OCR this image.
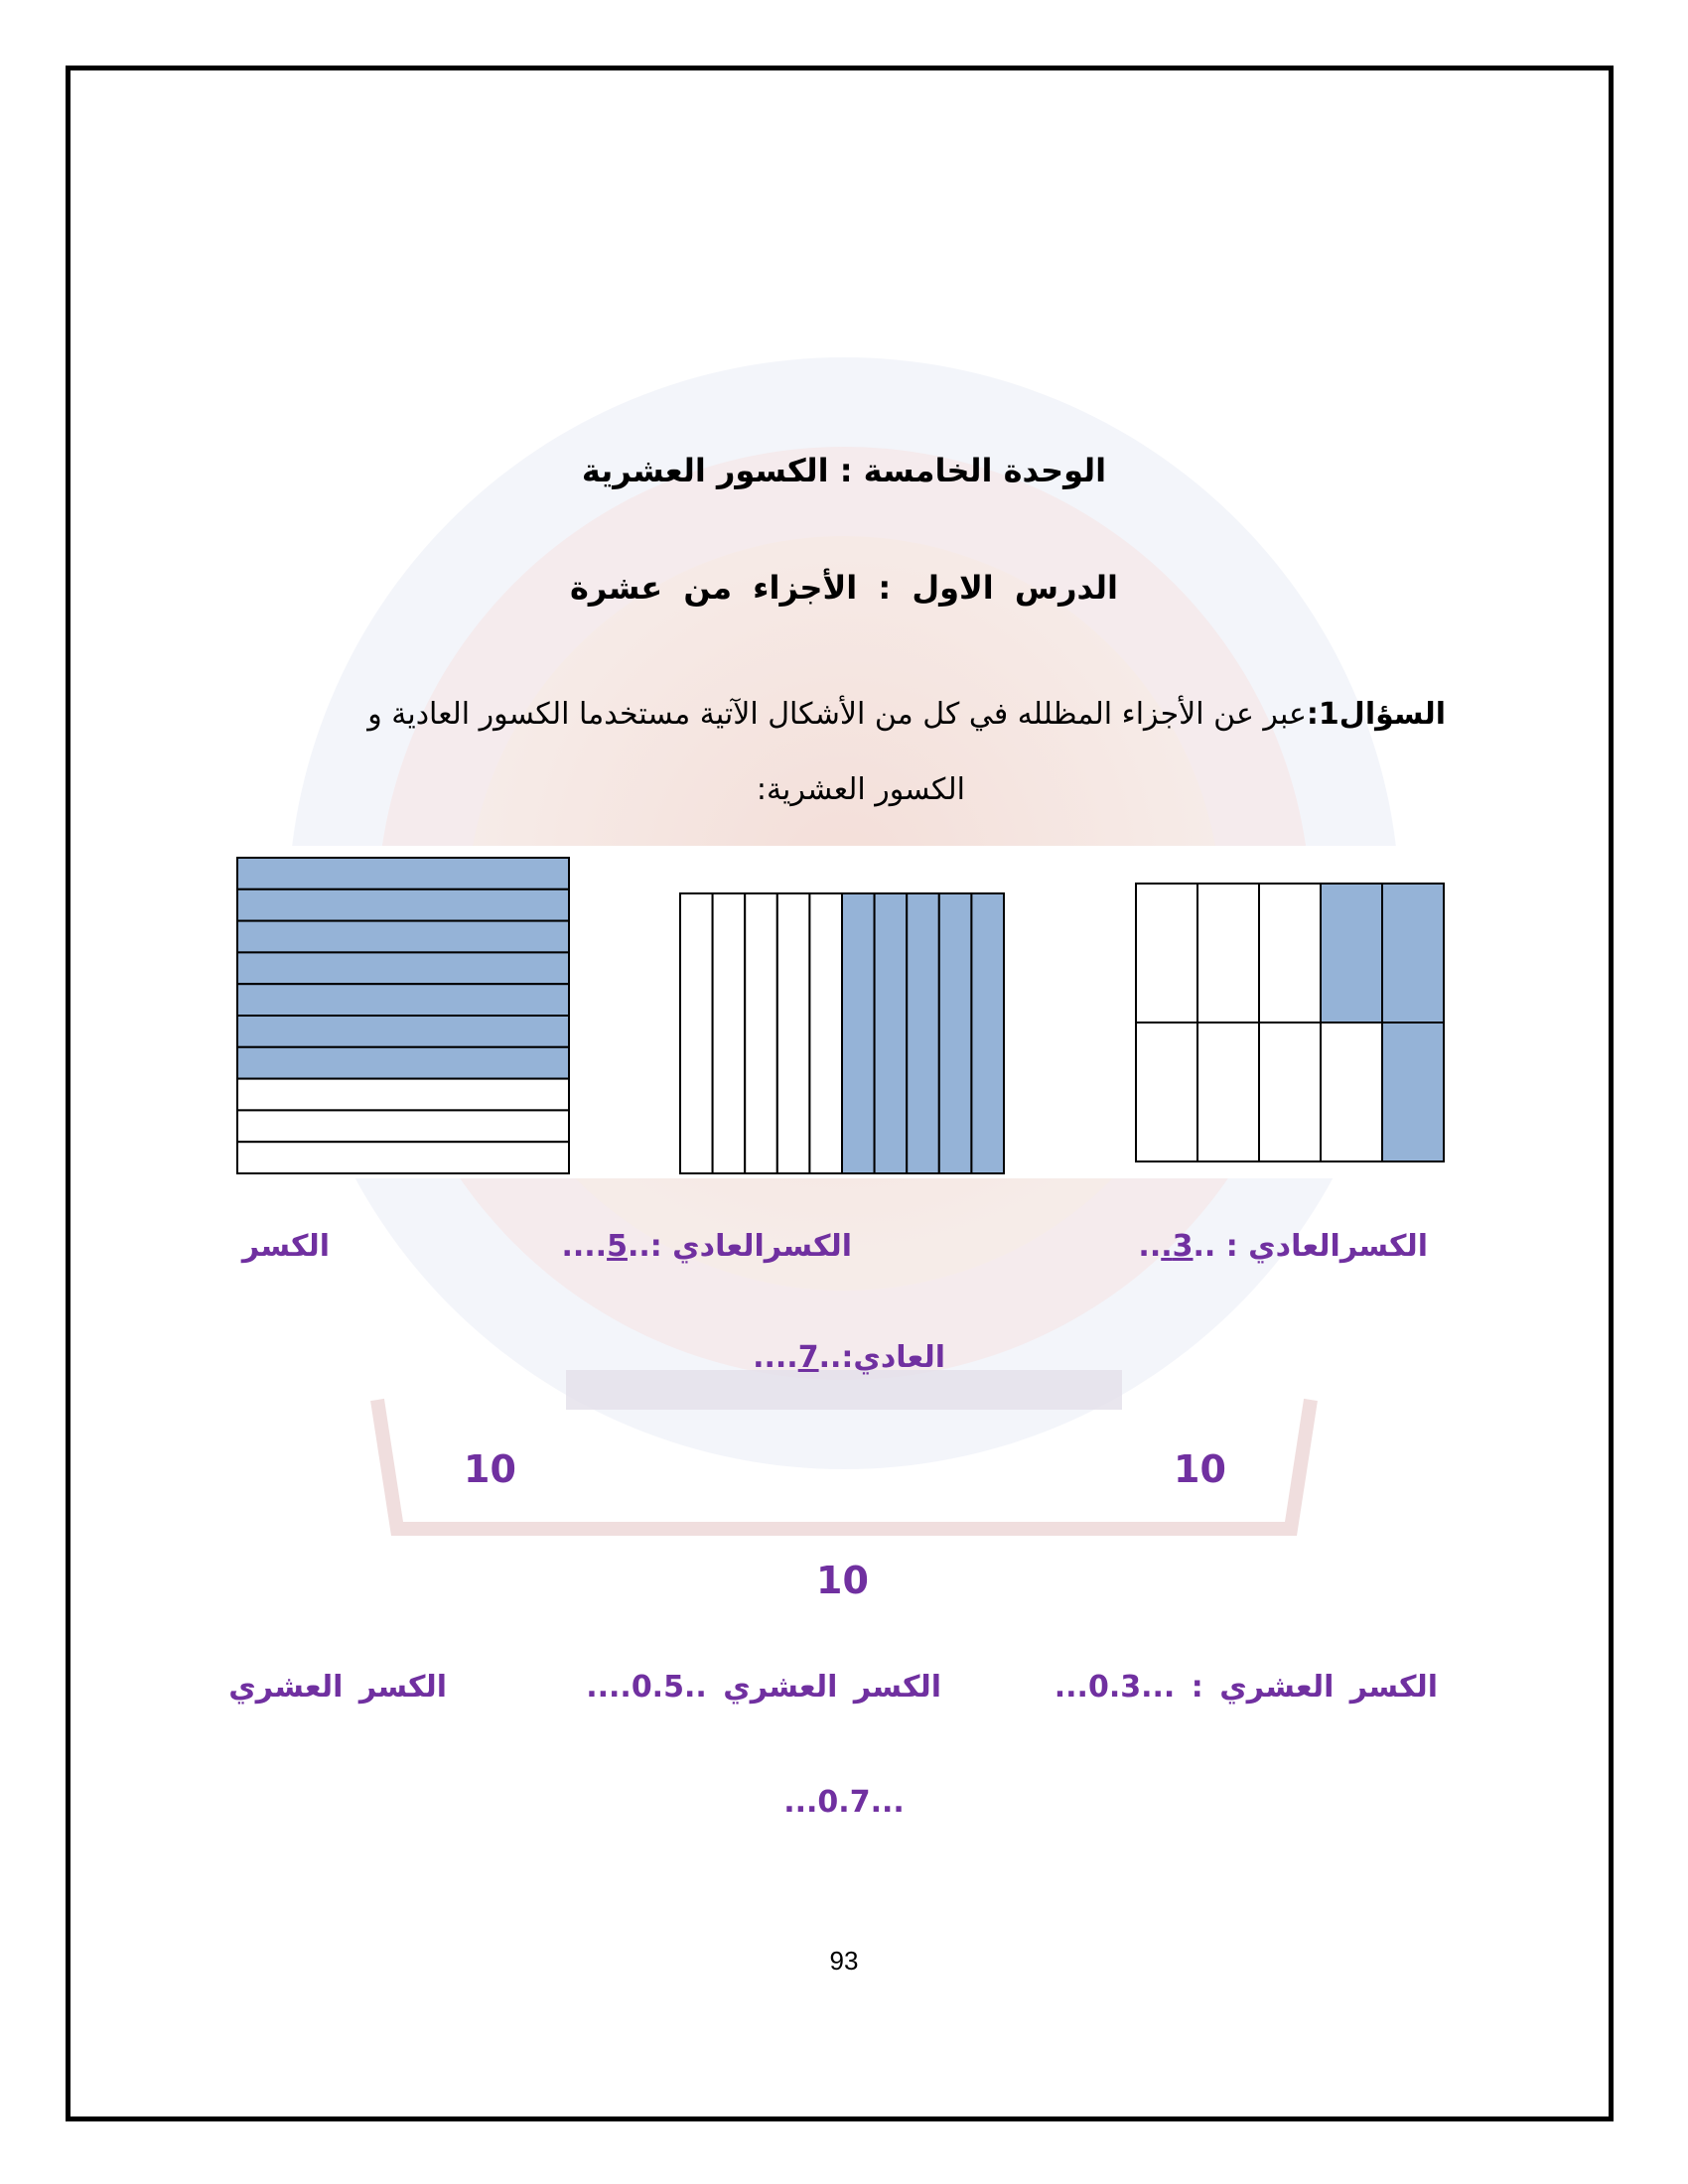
الوحدة الخامسة : الكسور العشرية
الدرس الاول : الأجزاء من عشرة
السؤال1:عبر عن الأجزاء المظلله في كل من الأشكال الآتية مستخدما الكسور العادية و
الكسور العشرية:
الكسرالعادي : ..3...
الكسرالعادي :..5....
الكسر
العادي:..7....
10
10
10
الكسر العشري : ...0.3...
الكسر العشري ..0.5....
الكسر العشري
...0.7...
93
